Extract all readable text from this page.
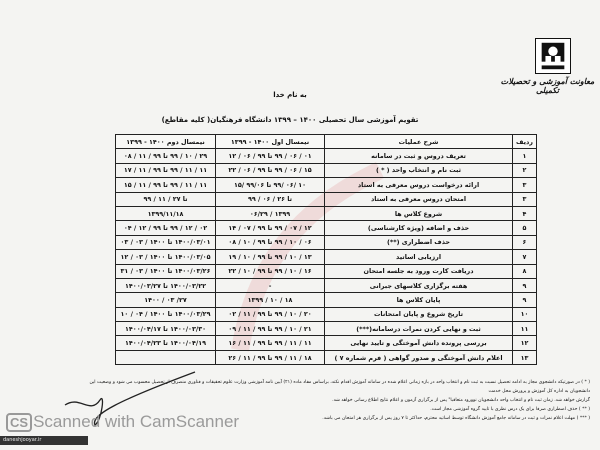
معاونت آموزشی و تحصیلات تکمیلی
به نام خدا
تقویم آموزشی سال تحصیلی ۱۴۰۰ – ۱۳۹۹ دانشگاه فرهنگیان( کلیه مقاطع)
ردیف	شرح عملیات	نیمسال اول ۱۴۰۰ - ۱۳۹۹	نیمسال دوم ۱۴۰۰ - ۱۳۹۹
۱	تعریف دروس و ثبت در سامانه	۰۱ / ۰۶ / ۹۹ تا ۹۹ / ۰۶ / ۱۲	۲۹ / ۱۰ / ۹۹ تا ۹۹ / ۱۱ / ۰۸
۲	ثبت نام و انتخاب واحد ( * )	۱۵ / ۰۶ / ۹۹ تا ۹۹ / ۰۶ / ۲۲	۱۱ / ۱۱ / ۹۹ تا ۹۹ / ۱۱ / ۱۷
۳	ارائه درخواست دروس معرفی به استاد	۱۰ /۰۶ /۹۹ تا ۹۹/۰۶ /۱۵	۱۱ / ۱۱ / ۹۹ تا ۹۹ / ۱۱ / ۱۵
۳	امتحان دروس معرفی به استاد	تا ۲۶ / ۰۶ / ۹۹	تا ۲۷ / ۱۱ / ۹۹
۴	شروع کلاس ها	۱۳۹۹ / ۰۶/۲۹	۱۳۹۹/۱۱/۱۸
۵	حذف و اضافه (ویژه کارشناسی)	۱۲ / ۰۷ / ۹۹ تا ۹۹ / ۰۷ / ۱۴	۰۲ / ۱۲ / ۹۹ تا ۹۹ / ۱۲ / ۰۴
۶	حذف اضطراری (**)	۰۶ / ۱۰ / ۹۹ تا ۹۹ / ۱۰ / ۰۸	۱۴۰۰/۰۳/۰۱ تا ۱۴۰۰ / ۰۳ / ۰۳
۷	ارزیابی اساتید	۱۳ / ۱۰ / ۹۹ تا ۹۹ / ۱۰ / ۱۹	۱۴۰۰/۰۳/۰۵ تا ۱۴۰۰ / ۰۳ / ۱۲
۸	دریافت کارت ورود به جلسه امتحان	۱۶ / ۱۰ / ۹۹ تا ۹۹ / ۱۰ / ۲۲	۱۴۰۰/۰۳/۲۶ تا ۱۴۰۰ / ۰۳ / ۳۱
۹	هفته برگزاری کلاسهای جبرانی	-	۱۴۰۰/۰۳/۲۲ تا ۱۴۰۰/۰۳/۲۷
۹	پایان کلاس ها	۱۸ / ۱۰ / ۱۳۹۹	۲۷/ ۰۳ / ۱۴۰۰
۱۰	تاریخ شروع و پایان امتحانات	۲۰ / ۱۰ / ۹۹ تا ۹۹ / ۱۱ / ۰۲	۱۴۰۰/۰۳/۲۹ تا ۱۴۰۰ / ۰۴ / ۱۰
۱۱	ثبت و نهایی کردن نمرات درسامانه(***)	۲۱ / ۱۰ / ۹۹ تا ۹۹ / ۱۱ / ۰۹	۱۴۰۰/۰۳/۳۰ تا ۱۴۰۰/۰۴/۱۷
۱۲	بررسی پرونده دانش آموختگی و تایید نهایی	۱۱ / ۱۱ / ۹۹ تا ۹۹ / ۱۱ / ۱۶	۱۴۰۰/۰۴/۱۹ تا ۱۴۰۰/۰۴/۲۳
۱۳	اعلام دانش آموختگی و صدور گواهی ( فرم شماره ۷ )	۱۸ / ۱۱ / ۹۹ تا ۹۹ / ۱۱ / ۲۶	
( * ) در صورتیکه دانشجوی مجاز به ادامه تحصیل نسبت به ثبت نام و انتخاب واحد در بازه زمانی اعلام شده در سامانه آموزش اقدام نکند، براساس مفاد ماده (۲۱) آیین نامه آموزشی وزارت علوم تحقیقات و فناوری منصرف از تحصیل محسوب می شود و وضعیت این دانشجویان به اداره کل آموزش و پرورش محل خدمت
گزارش خواهد شد. زمان ثبت نام و انتخاب واحد دانشجویان نوورود متعاقبا" پس از برگزاری آزمون و اعلام نتایج اطلاع رسانی خواهد شد.
( ** ) حذف اضطراری صرفا برای یک درس نظری با تایید گروه آموزشی مجاز است.
( *** ) مهلت اعلام نمرات و ثبت در سامانه جامع آموزش دانشگاه توسط اساتید محترم، حداکثر تا ۷ روز پس از برگزاری هر امتحان می باشد.
CS Scanned with CamScanner
daneshjooyar.ir
